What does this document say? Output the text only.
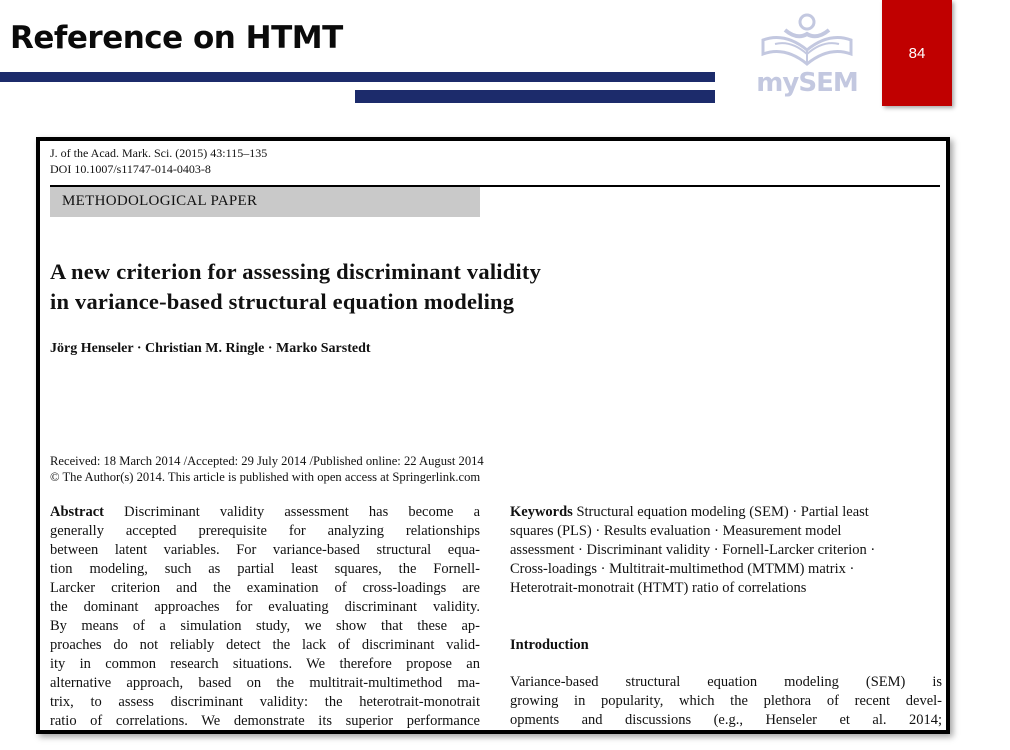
Reference on HTMT
mySEM
84
J. of the Acad. Mark. Sci. (2015) 43:115–135
DOI 10.1007/s11747-014-0403-8
METHODOLOGICAL PAPER
A new criterion for assessing discriminant validity
in variance-based structural equation modeling
Jörg Henseler · Christian M. Ringle · Marko Sarstedt
Received: 18 March 2014 /Accepted: 29 July 2014 /Published online: 22 August 2014
© The Author(s) 2014. This article is published with open access at Springerlink.com
Abstract Discriminant validity assessment has become a
generally accepted prerequisite for analyzing relationships
between latent variables. For variance-based structural equa-
tion modeling, such as partial least squares, the Fornell-
Larcker criterion and the examination of cross-loadings are
the dominant approaches for evaluating discriminant validity.
By means of a simulation study, we show that these ap-
proaches do not reliably detect the lack of discriminant valid-
ity in common research situations. We therefore propose an
alternative approach, based on the multitrait-multimethod ma-
trix, to assess discriminant validity: the heterotrait-monotrait
ratio of correlations. We demonstrate its superior performance
Keywords Structural equation modeling (SEM) · Partial least
squares (PLS) · Results evaluation · Measurement model
assessment · Discriminant validity · Fornell-Larcker criterion ·
Cross-loadings · Multitrait-multimethod (MTMM) matrix ·
Heterotrait-monotrait (HTMT) ratio of correlations
Introduction
Variance-based structural equation modeling (SEM) is
growing in popularity, which the plethora of recent devel-
opments and discussions (e.g., Henseler et al. 2014;
